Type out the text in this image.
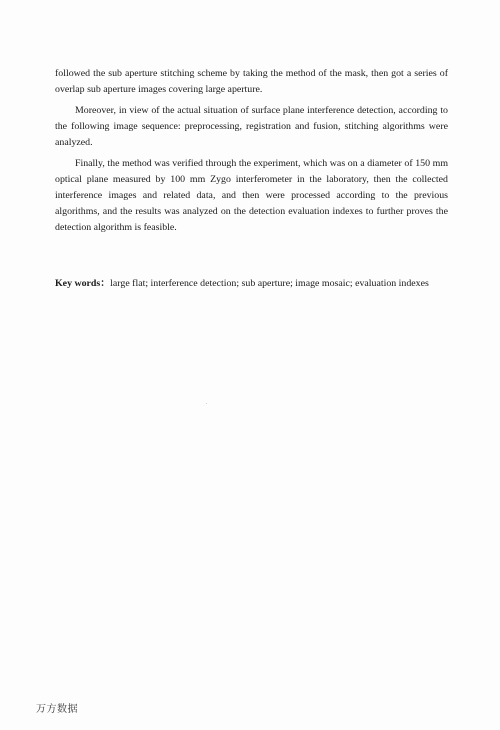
followed the sub aperture stitching scheme by taking the method of the mask, then got a series of overlap sub aperture images covering large aperture.

Moreover, in view of the actual situation of surface plane interference detection, according to the following image sequence: preprocessing, registration and fusion, stitching algorithms were analyzed.

Finally, the method was verified through the experiment, which was on a diameter of 150 mm optical plane measured by 100 mm Zygo interferometer in the laboratory, then the collected interference images and related data, and then were processed according to the previous algorithms, and the results was analyzed on the detection evaluation indexes to further proves the detection algorithm is feasible.

Key words：large flat; interference detection; sub aperture; image mosaic; evaluation indexes
万方数据
